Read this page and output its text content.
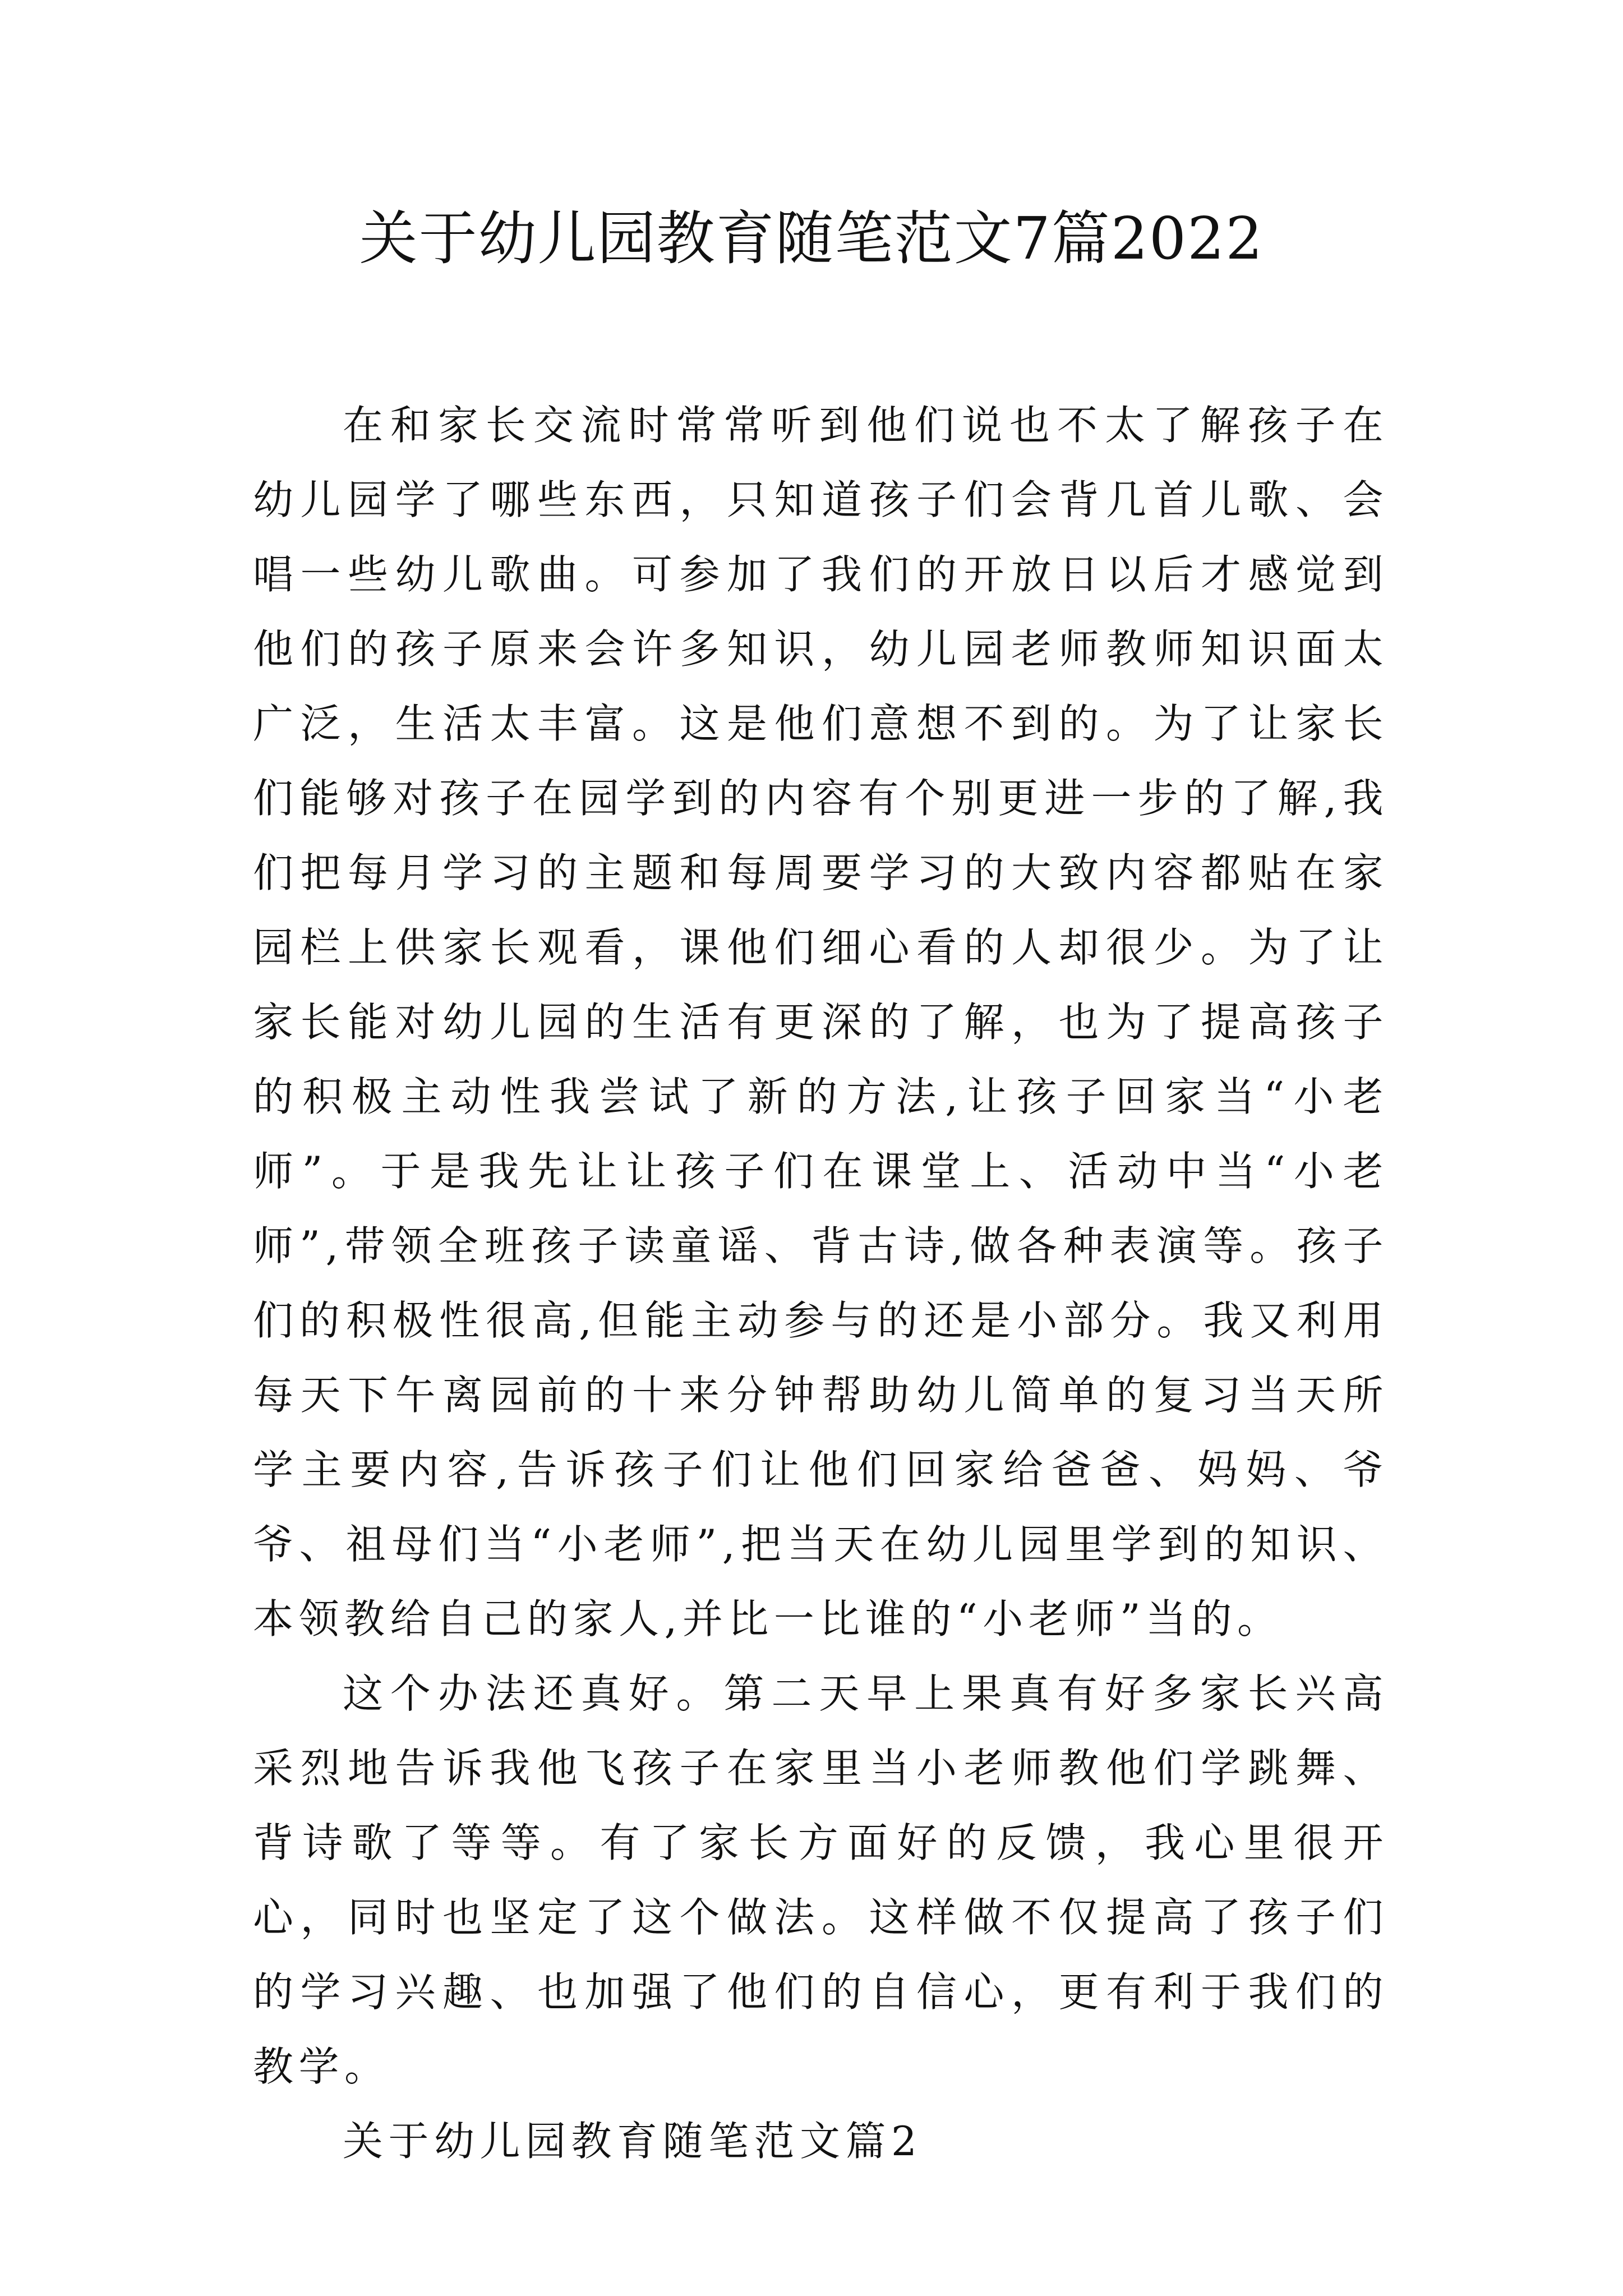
关于幼儿园教育随笔范文7篇2022

在和家长交流时常常听到他们说也不太了解孩子在幼儿园学了哪些东西，只知道孩子们会背几首儿歌、会唱一些幼儿歌曲。可参加了我们的开放日以后才感觉到他们的孩子原来会许多知识，幼儿园老师教师知识面太广泛，生活太丰富。这是他们意想不到的。为了让家长们能够对孩子在园学到的内容有个别更进一步的了解,我们把每月学习的主题和每周要学习的大致内容都贴在家园栏上供家长观看，课他们细心看的人却很少。为了让家长能对幼儿园的生活有更深的了解，也为了提高孩子的积极主动性我尝试了新的方法,让孩子回家当“小老师”。于是我先让让孩子们在课堂上、活动中当“小老师”,带领全班孩子读童谣、背古诗,做各种表演等。孩子们的积极性很高,但能主动参与的还是小部分。我又利用每天下午离园前的十来分钟帮助幼儿简单的复习当天所学主要内容,告诉孩子们让他们回家给爸爸、妈妈、爷爷、祖母们当“小老师”,把当天在幼儿园里学到的知识、本领教给自己的家人,并比一比谁的“小老师”当的。

这个办法还真好。第二天早上果真有好多家长兴高采烈地告诉我他飞孩子在家里当小老师教他们学跳舞、背诗歌了等等。有了家长方面好的反馈，我心里很开心，同时也坚定了这个做法。这样做不仅提高了孩子们的学习兴趣、也加强了他们的自信心，更有利于我们的教学。

关于幼儿园教育随笔范文篇2
